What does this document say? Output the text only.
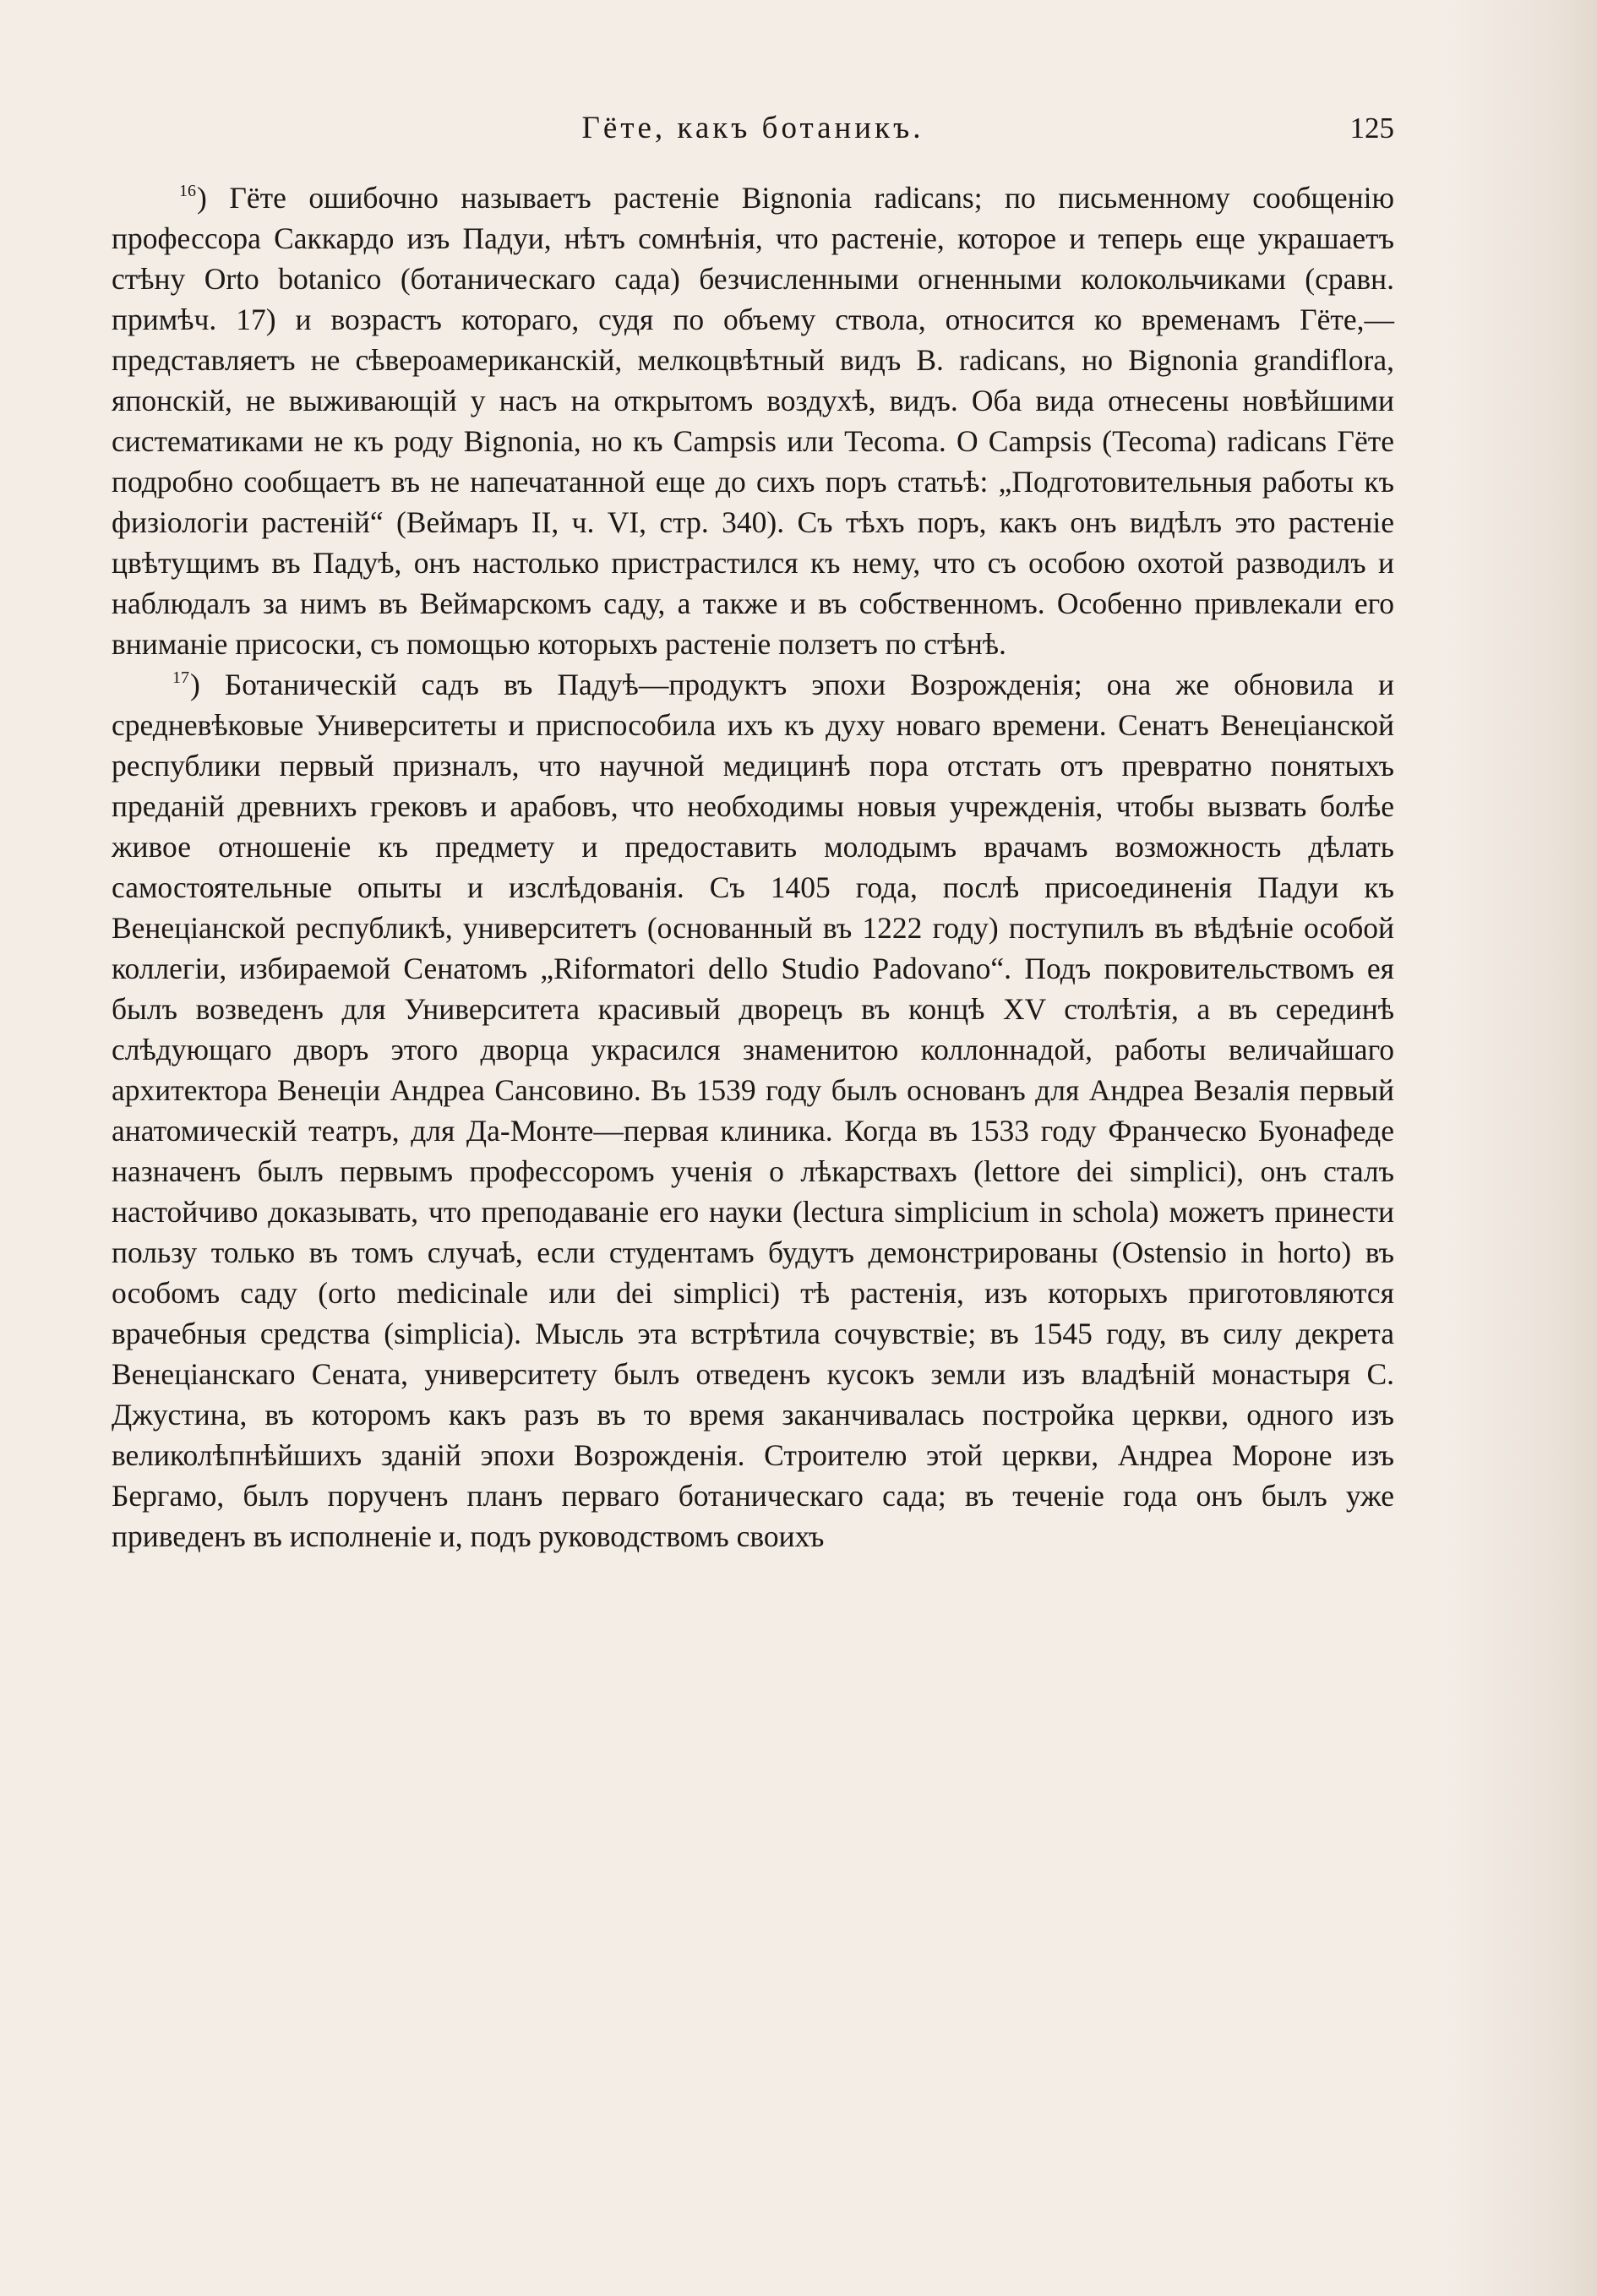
Гёте, какъ ботаникъ.	125

$^{16}$) Гёте ошибочно называетъ растеніе Bignonia radicans; по письменному сообщенію профессора Саккардо изъ Падуи, нѣтъ сомнѣнія, что растеніе, которое и теперь еще украшаетъ стѣну Orto botanico (ботаническаго сада) безчисленными огненными колокольчиками (сравн. примѣч. 17) и возрастъ котораго, судя по объему ствола, относится ко временамъ Гёте,—представляетъ не сѣвероамериканскій, мелкоцвѣтный видъ B. radicans, но Bignonia grandiflora, японскій, не выживающій у насъ на открытомъ воздухѣ, видъ. Оба вида отнесены новѣйшими систематиками не къ роду Bignonia, но къ Campsis или Tecoma. О Campsis (Tecoma) radicans Гёте подробно сообщаетъ въ не напечатанной еще до сихъ поръ статьѣ: „Подготовительныя работы къ физіологіи растеній“ (Веймаръ II, ч. VI, стр. 340). Съ тѣхъ поръ, какъ онъ видѣлъ это растеніе цвѣтущимъ въ Падуѣ, онъ настолько пристрастился къ нему, что съ особою охотой разводилъ и наблюдалъ за нимъ въ Веймарскомъ саду, а также и въ собственномъ. Особенно привлекали его вниманіе присоски, съ помощью которыхъ растеніе ползетъ по стѣнѣ.

$^{17}$) Ботаническій садъ въ Падуѣ—продуктъ эпохи Возрожденія; она же обновила и средневѣковые Университеты и приспособила ихъ къ духу новаго времени. Сенатъ Венеціанской республики первый призналъ, что научной медицинѣ пора отстать отъ превратно понятыхъ преданій древнихъ грековъ и арабовъ, что необходимы новыя учрежденія, чтобы вызвать болѣе живое отношеніе къ предмету и предоставить молодымъ врачамъ возможность дѣлать самостоятельные опыты и изслѣдованія. Съ 1405 года, послѣ присоединенія Падуи къ Венеціанской республикѣ, университетъ (основанный въ 1222 году) поступилъ въ вѣдѣніе особой коллегіи, избираемой Сенатомъ „Riformatori dello Studio Padovano“. Подъ покровительствомъ ея былъ возведенъ для Университета красивый дворецъ въ концѣ XV столѣтія, а въ серединѣ слѣдующаго дворъ этого дворца украсился знаменитою коллоннадой, работы величайшаго архитектора Венеціи Андреа Сансовино. Въ 1539 году былъ основанъ для Андреа Везалія первый анатомическій театръ, для Да-Монте—первая клиника. Когда въ 1533 году Франческо Буонафеде назначенъ былъ первымъ профессоромъ ученія о лѣкарствахъ (lettore dei simplici), онъ сталъ настойчиво доказывать, что преподаваніе его науки (lectura simplicium in schola) можетъ принести пользу только въ томъ случаѣ, если студентамъ будутъ демонстрированы (Ostensio in horto) въ особомъ саду (orto medicinale или dei simplici) тѣ растенія, изъ которыхъ приготовляются врачебныя средства (simplicia). Мысль эта встрѣтила сочувствіе; въ 1545 году, въ силу декрета Венеціанскаго Сената, университету былъ отведенъ кусокъ земли изъ владѣній монастыря С. Джустина, въ которомъ какъ разъ въ то время заканчивалась постройка церкви, одного изъ великолѣпнѣйшихъ зданій эпохи Возрожденія. Строителю этой церкви, Андреа Мороне изъ Бергамо, былъ порученъ планъ перваго ботаническаго сада; въ теченіе года онъ былъ уже приведенъ въ исполненіе и, подъ руководствомъ своихъ
